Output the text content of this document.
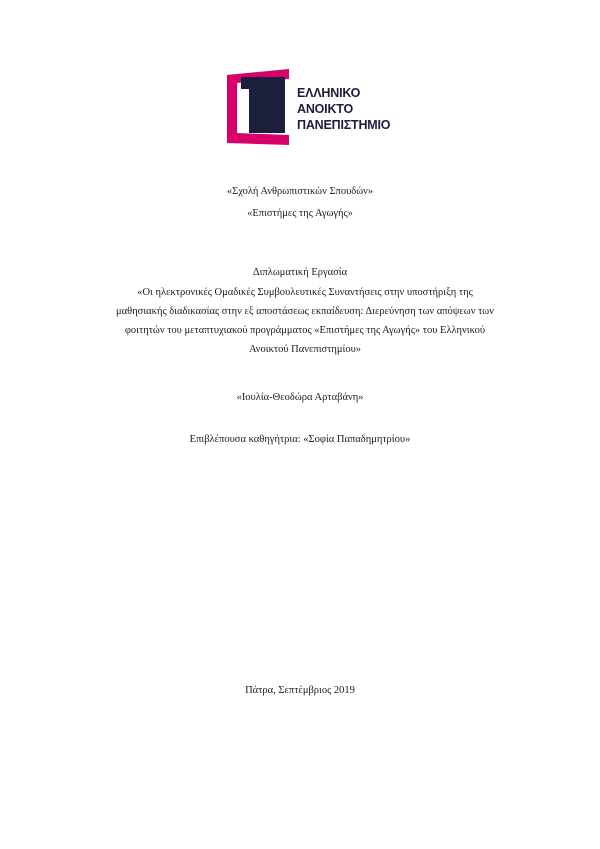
ΕΛΛΗΝΙΚΟ
ΑΝΟΙΚΤΟ
ΠΑΝΕΠΙΣΤΗΜΙΟ
«Σχολή Ανθρωπιστικών Σπουδών»
«Επιστήμες της Αγωγής»
Διπλωματική Εργασία
«Οι ηλεκτρονικές Ομαδικές Συμβουλευτικές Συναντήσεις στην υποστήριξη της
μαθησιακής διαδικασίας στην εξ αποστάσεως εκπαίδευση: Διερεύνηση των απόψεων των
φοιτητών του μεταπτυχιακού προγράμματος «Επιστήμες της Αγωγής» του Ελληνικού
Ανοικτού Πανεπιστημίου»
«Ιουλία-Θεοδώρα Αρταβάνη»
Επιβλέπουσα καθηγήτρια: «Σοφία Παπαδημητρίου»
Πάτρα, Σεπτέμβριος 2019
